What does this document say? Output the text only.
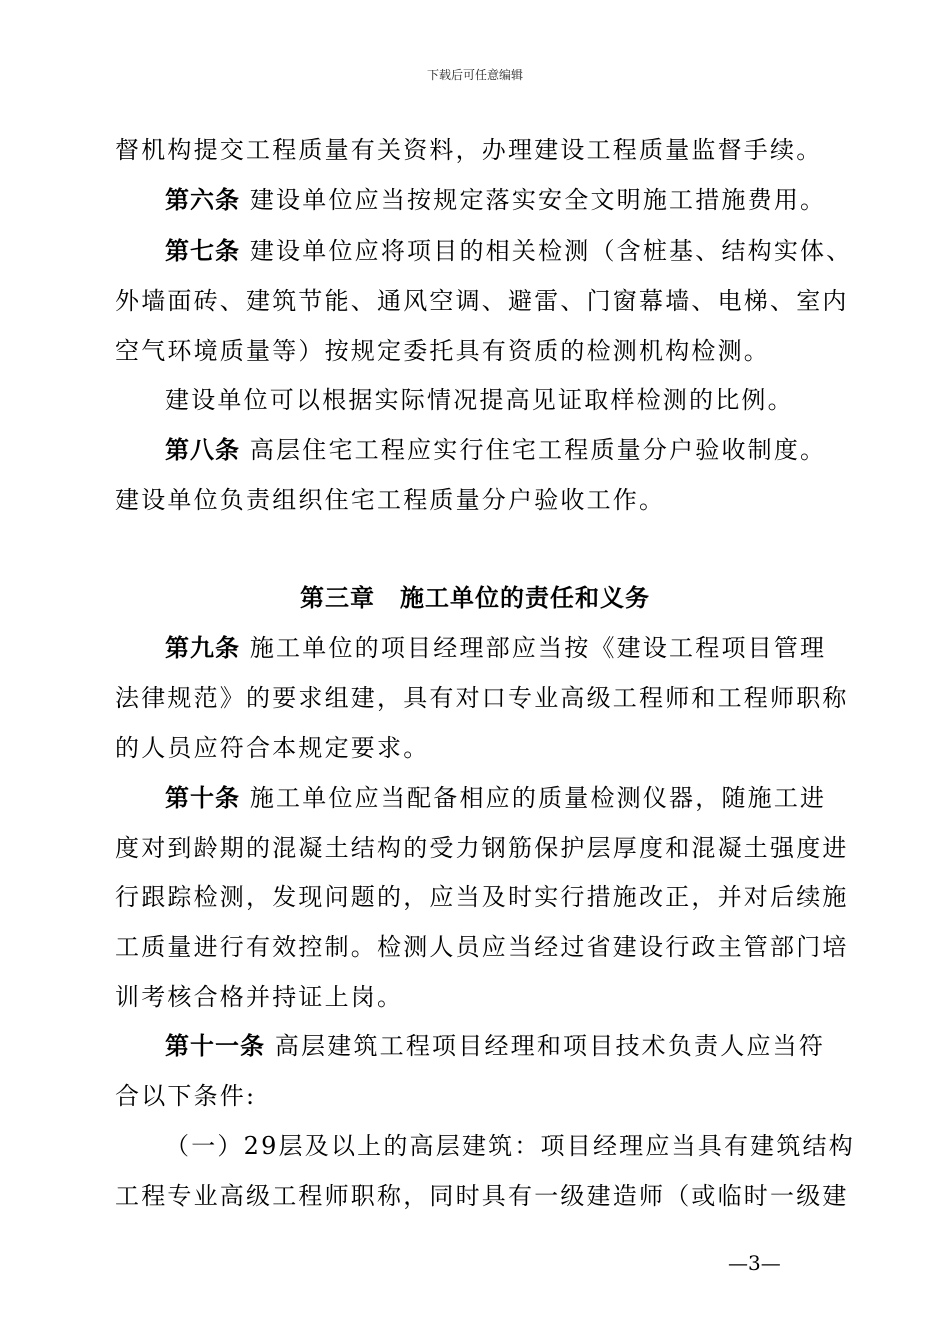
下载后可任意编辑
督机构提交工程质量有关资料，办理建设工程质量监督手续。
第六条 建设单位应当按规定落实安全文明施工措施费用。
第七条 建设单位应将项目的相关检测（含桩基、结构实体、
外墙面砖、建筑节能、通风空调、避雷、门窗幕墙、电梯、室内
空气环境质量等）按规定委托具有资质的检测机构检测。
建设单位可以根据实际情况提高见证取样检测的比例。
第八条 高层住宅工程应实行住宅工程质量分户验收制度。
建设单位负责组织住宅工程质量分户验收工作。
第三章　施工单位的责任和义务
第九条 施工单位的项目经理部应当按《建设工程项目管理
法律规范》的要求组建，具有对口专业高级工程师和工程师职称
的人员应符合本规定要求。
第十条 施工单位应当配备相应的质量检测仪器，随施工进
度对到龄期的混凝土结构的受力钢筋保护层厚度和混凝土强度进
行跟踪检测，发现问题的，应当及时实行措施改正，并对后续施
工质量进行有效控制。检测人员应当经过省建设行政主管部门培
训考核合格并持证上岗。
第十一条 高层建筑工程项目经理和项目技术负责人应当符
合以下条件:
（一）29层及以上的高层建筑：项目经理应当具有建筑结构
工程专业高级工程师职称，同时具有一级建造师（或临时一级建
—3—
